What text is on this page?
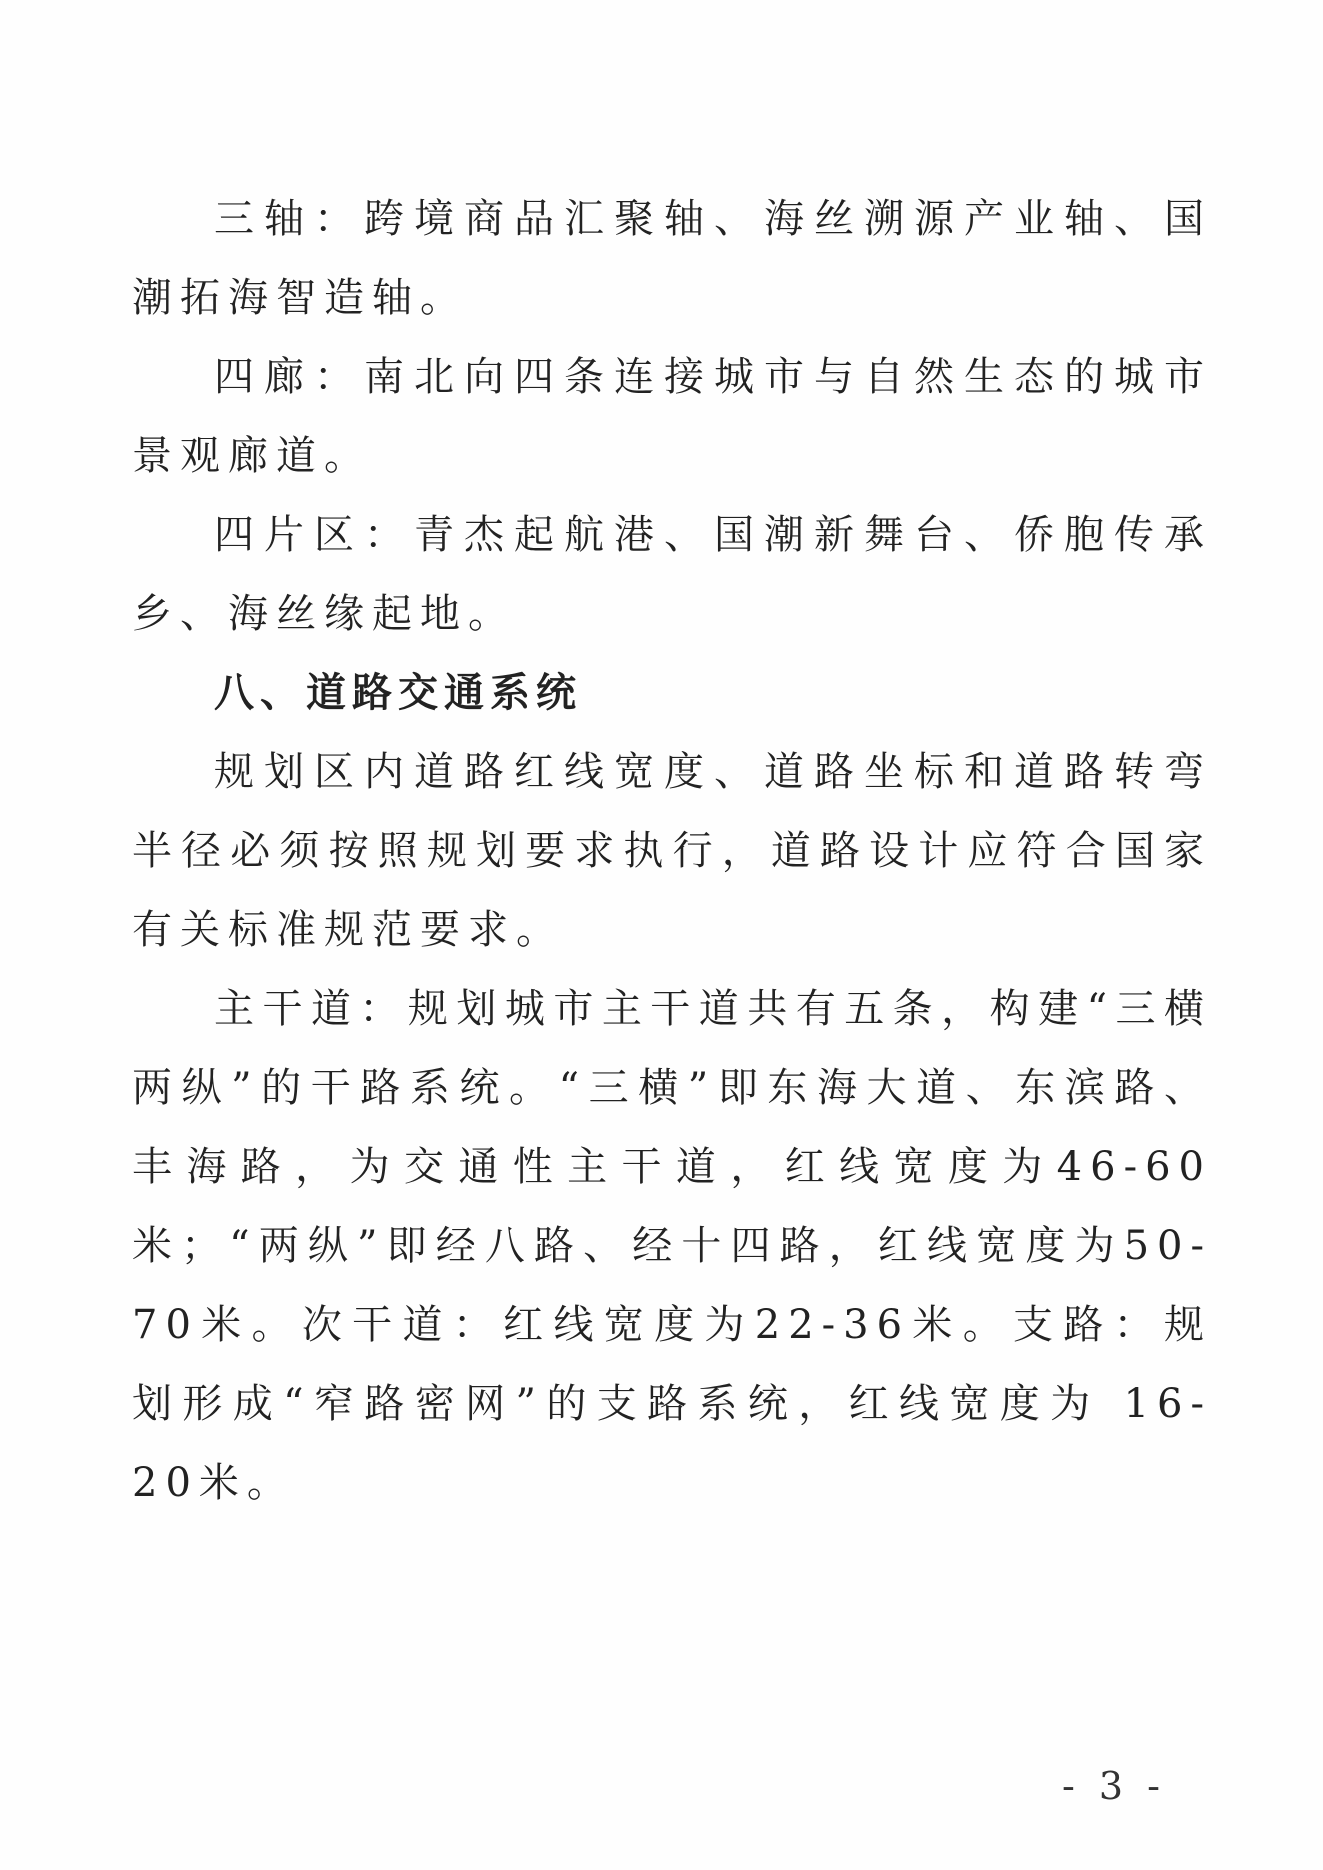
三轴：跨境商品汇聚轴、海丝溯源产业轴、国潮拓海智造轴。

四廊：南北向四条连接城市与自然生态的城市景观廊道。

四片区：青杰起航港、国潮新舞台、侨胞传承乡、海丝缘起地。

八、道路交通系统

规划区内道路红线宽度、道路坐标和道路转弯半径必须按照规划要求执行，道路设计应符合国家有关标准规范要求。

主干道：规划城市主干道共有五条，构建“三横两纵”的干路系统。“三横”即东海大道、东滨路、丰海路，为交通性主干道，红线宽度为46-60米；“两纵”即经八路、经十四路，红线宽度为50-70米。次干道：红线宽度为22-36米。支路：规划形成“窄路密网”的支路系统，红线宽度为 16-20米。

- 3 -
